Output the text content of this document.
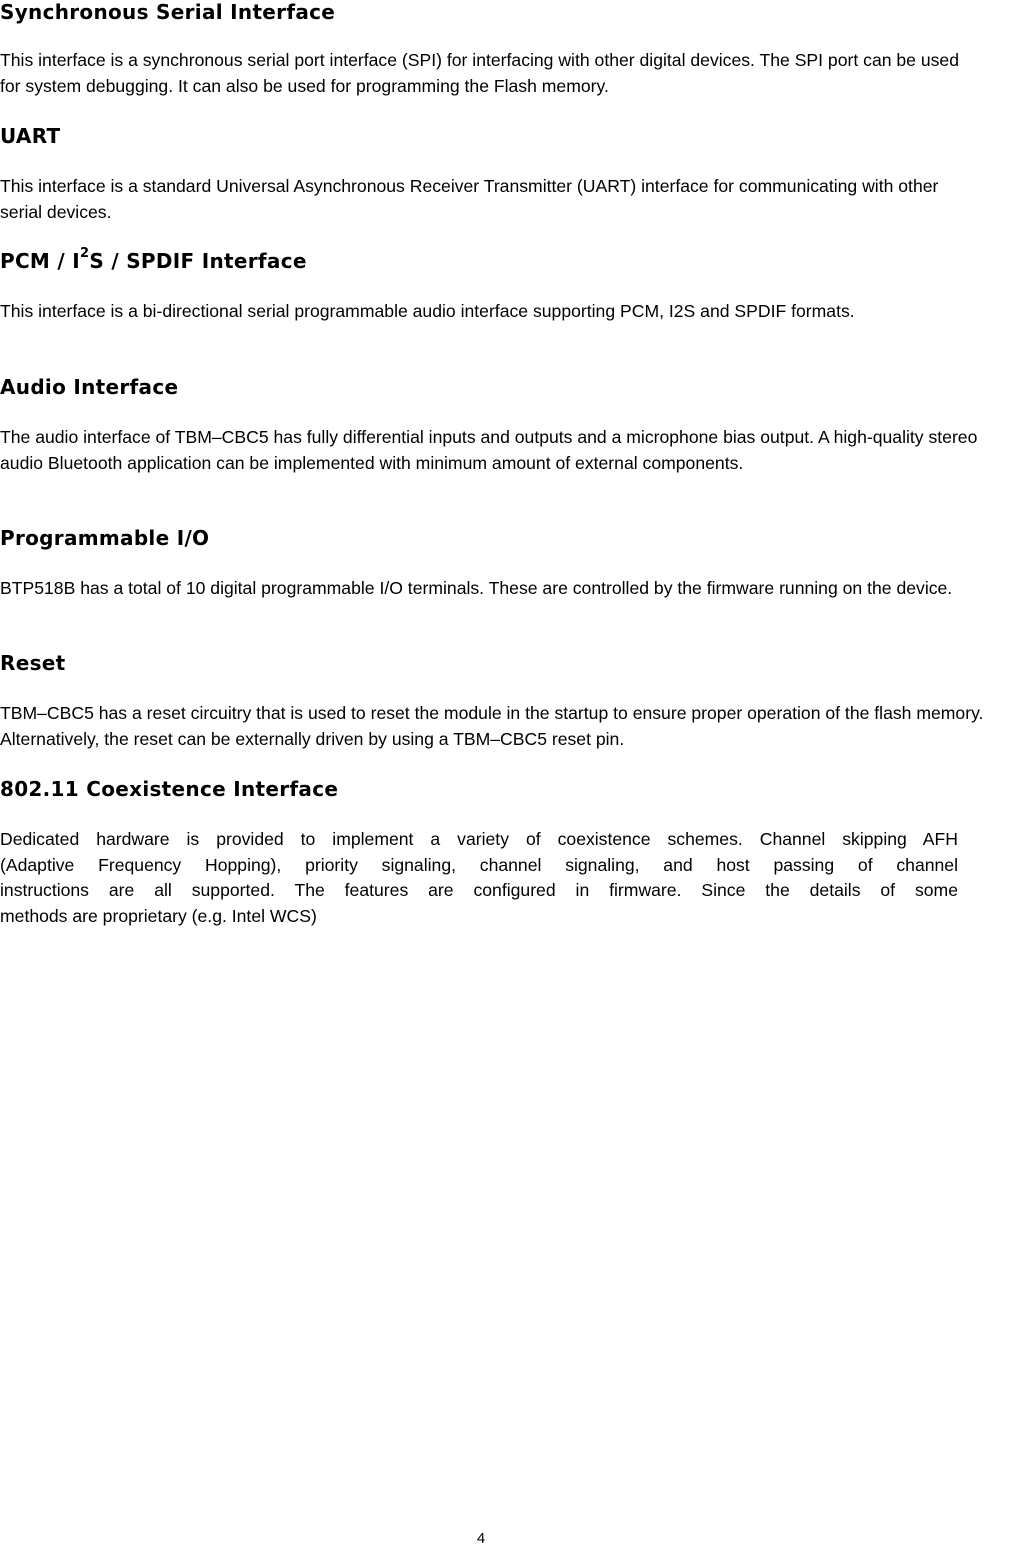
Synchronous Serial Interface

This interface is a synchronous serial port interface (SPI) for interfacing with other digital devices. The SPI port can be used for system debugging. It can also be used for programming the Flash memory.

UART

This interface is a standard Universal Asynchronous Receiver Transmitter (UART) interface for communicating with other serial devices.

PCM / $I^2S$ / SPDIF Interface

This interface is a bi-directional serial programmable audio interface supporting PCM, I2S and SPDIF formats.

Audio Interface

The audio interface of TBM–CBC5 has fully differential inputs and outputs and a microphone bias output. A high-quality stereo audio Bluetooth application can be implemented with minimum amount of external components.

Programmable I/O

BTP518B has a total of 10 digital programmable I/O terminals. These are controlled by the firmware running on the device.

Reset

TBM–CBC5 has a reset circuitry that is used to reset the module in the startup to ensure proper operation of the flash memory. Alternatively, the reset can be externally driven by using a TBM–CBC5 reset pin.

802.11 Coexistence Interface
Dedicated hardware is provided to implement a variety of coexistence schemes. Channel skipping AFH
(Adaptive Frequency Hopping), priority signaling, channel signaling, and host passing of channel
instructions are all supported. The features are configured in firmware. Since the details of some
methods are proprietary (e.g. Intel WCS)
4
